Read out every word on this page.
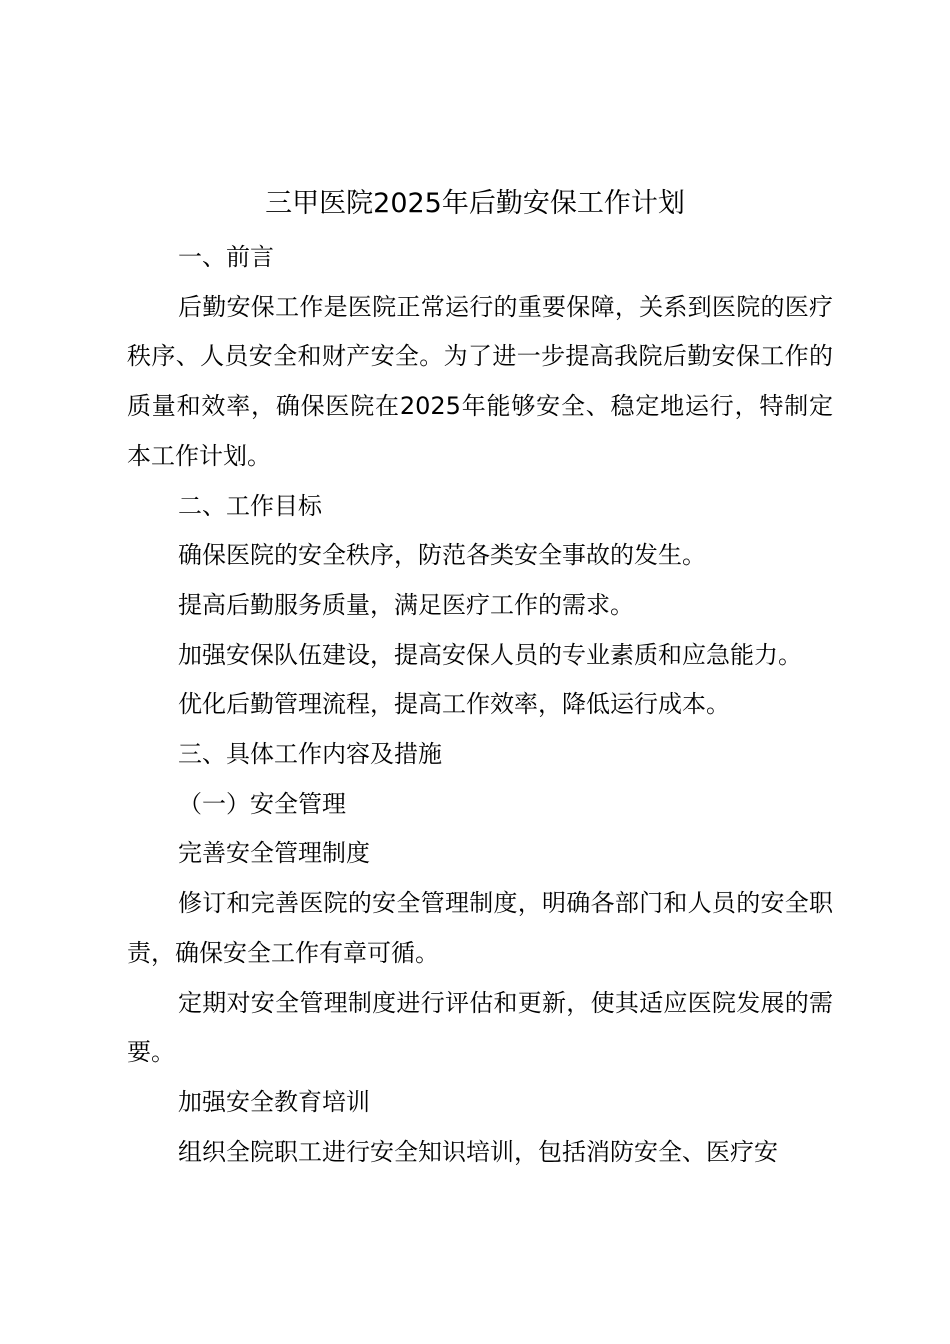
三甲医院2025年后勤安保工作计划

一、前言

后勤安保工作是医院正常运行的重要保障，关系到医院的医疗秩序、人员安全和财产安全。为了进一步提高我院后勤安保工作的质量和效率，确保医院在2025年能够安全、稳定地运行，特制定本工作计划。

二、工作目标

确保医院的安全秩序，防范各类安全事故的发生。

提高后勤服务质量，满足医疗工作的需求。

加强安保队伍建设，提高安保人员的专业素质和应急能力。

优化后勤管理流程，提高工作效率，降低运行成本。

三、具体工作内容及措施

（一）安全管理

完善安全管理制度

修订和完善医院的安全管理制度，明确各部门和人员的安全职责，确保安全工作有章可循。

定期对安全管理制度进行评估和更新，使其适应医院发展的需要。

加强安全教育培训

组织全院职工进行安全知识培训，包括消防安全、医疗安
